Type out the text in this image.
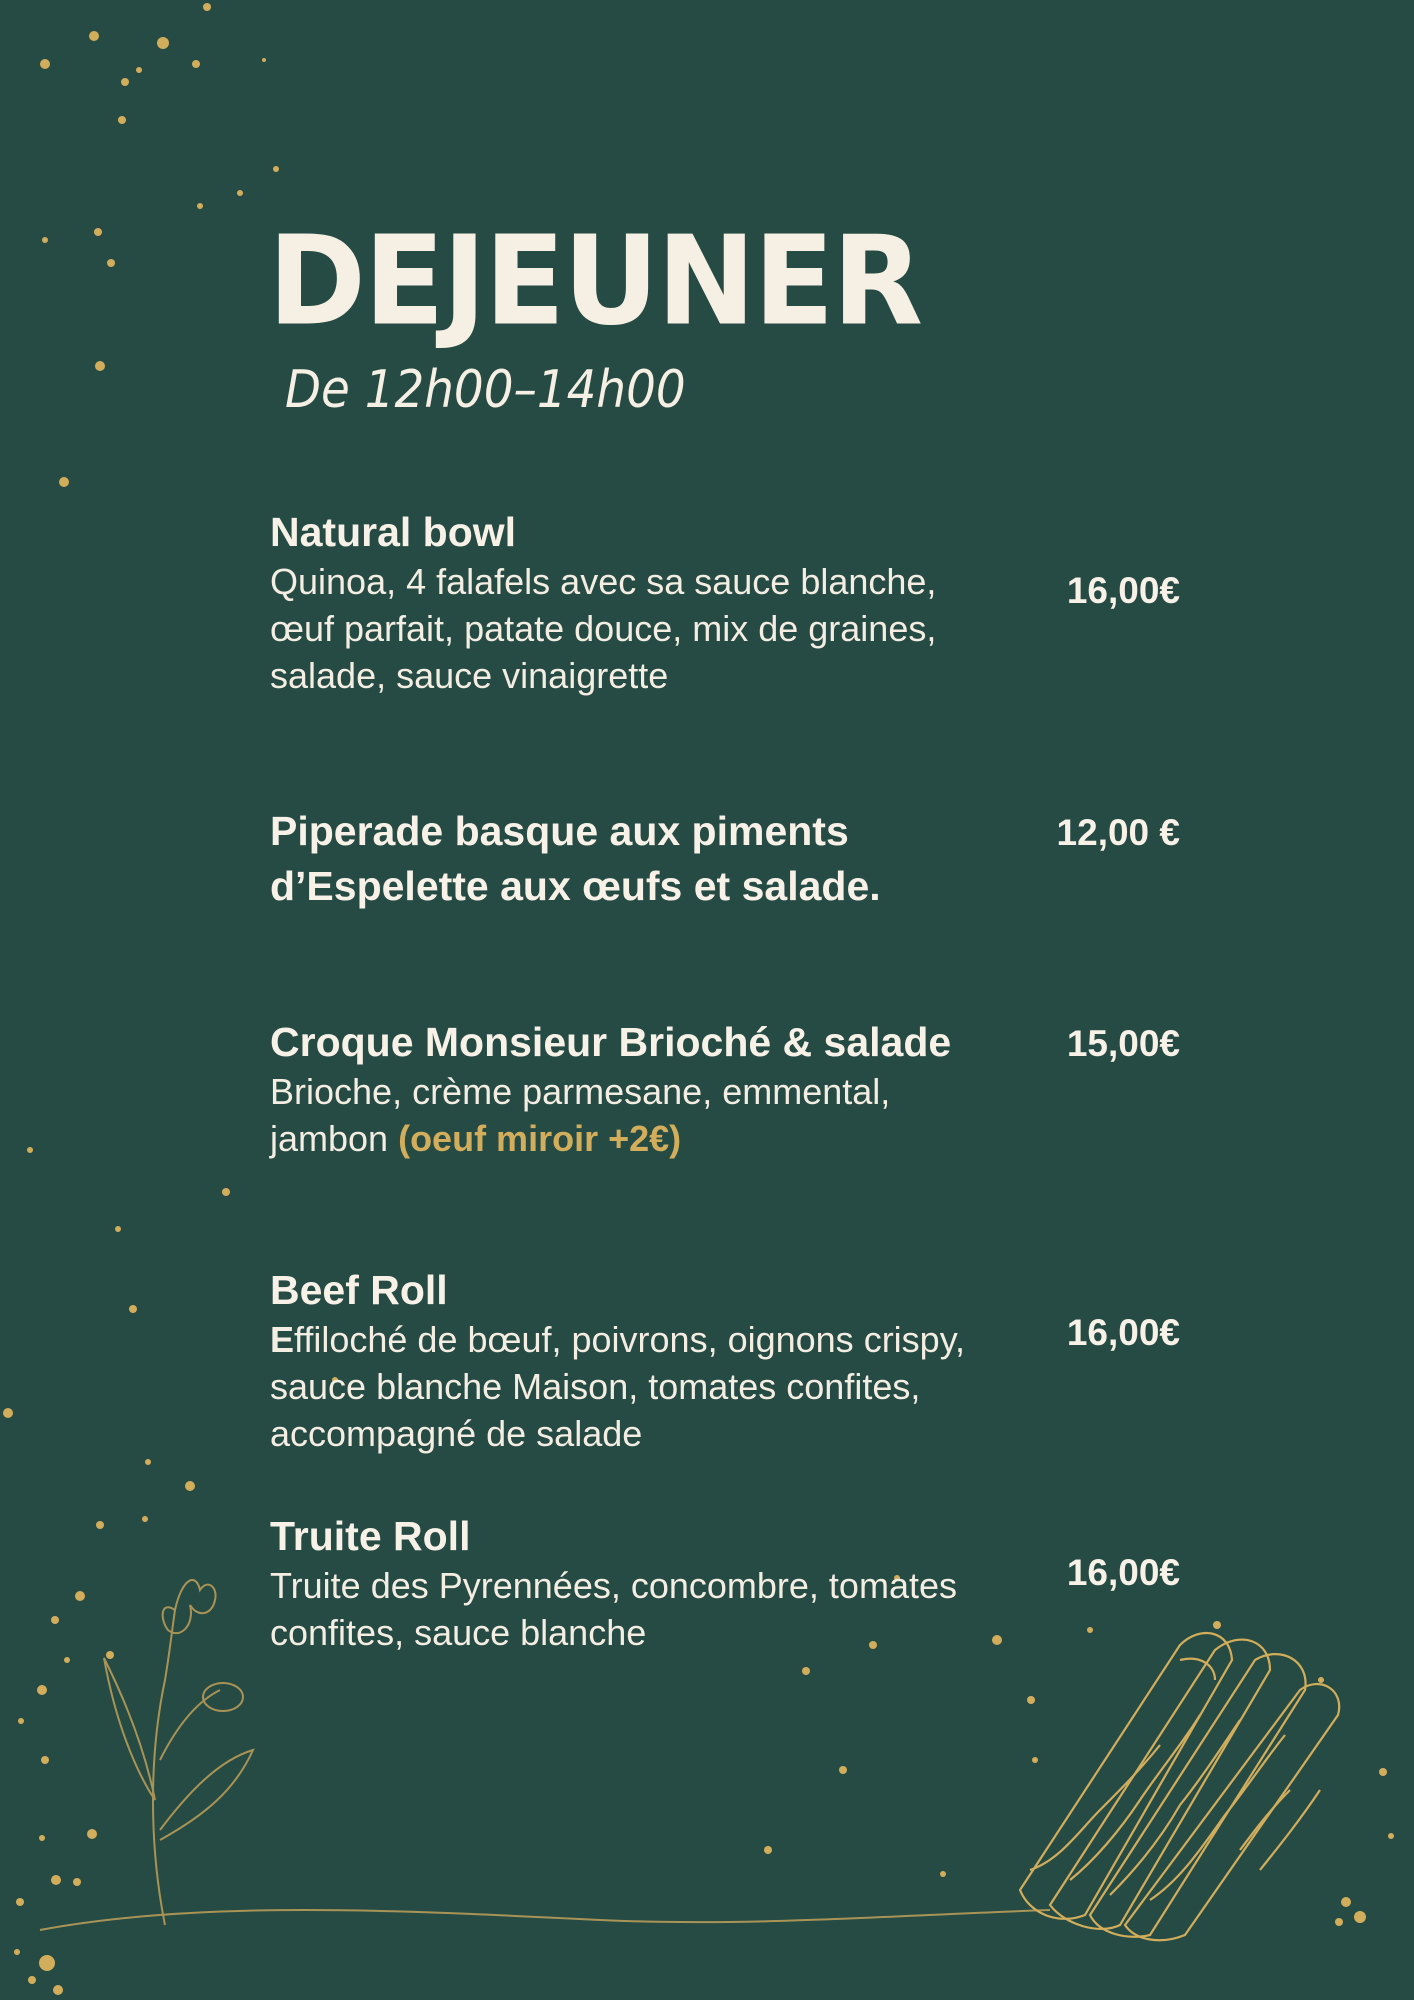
DEJEUNER
De 12h00–14h00
Natural bowl
Quinoa, 4 falafels avec sa sauce blanche,
œuf parfait, patate douce, mix de graines,
salade, sauce vinaigrette
16,00€
Piperade basque aux piments
d’Espelette aux œufs et salade.
12,00 €
Croque Monsieur Brioché & salade
Brioche, crème parmesane, emmental,
jambon (oeuf miroir +2€)
15,00€
Beef Roll
Effiloché de bœuf, poivrons, oignons crispy,
sauce blanche Maison, tomates confites,
accompagné de salade
16,00€
Truite Roll
Truite des Pyrennées, concombre, tomates
confites, sauce blanche
16,00€
